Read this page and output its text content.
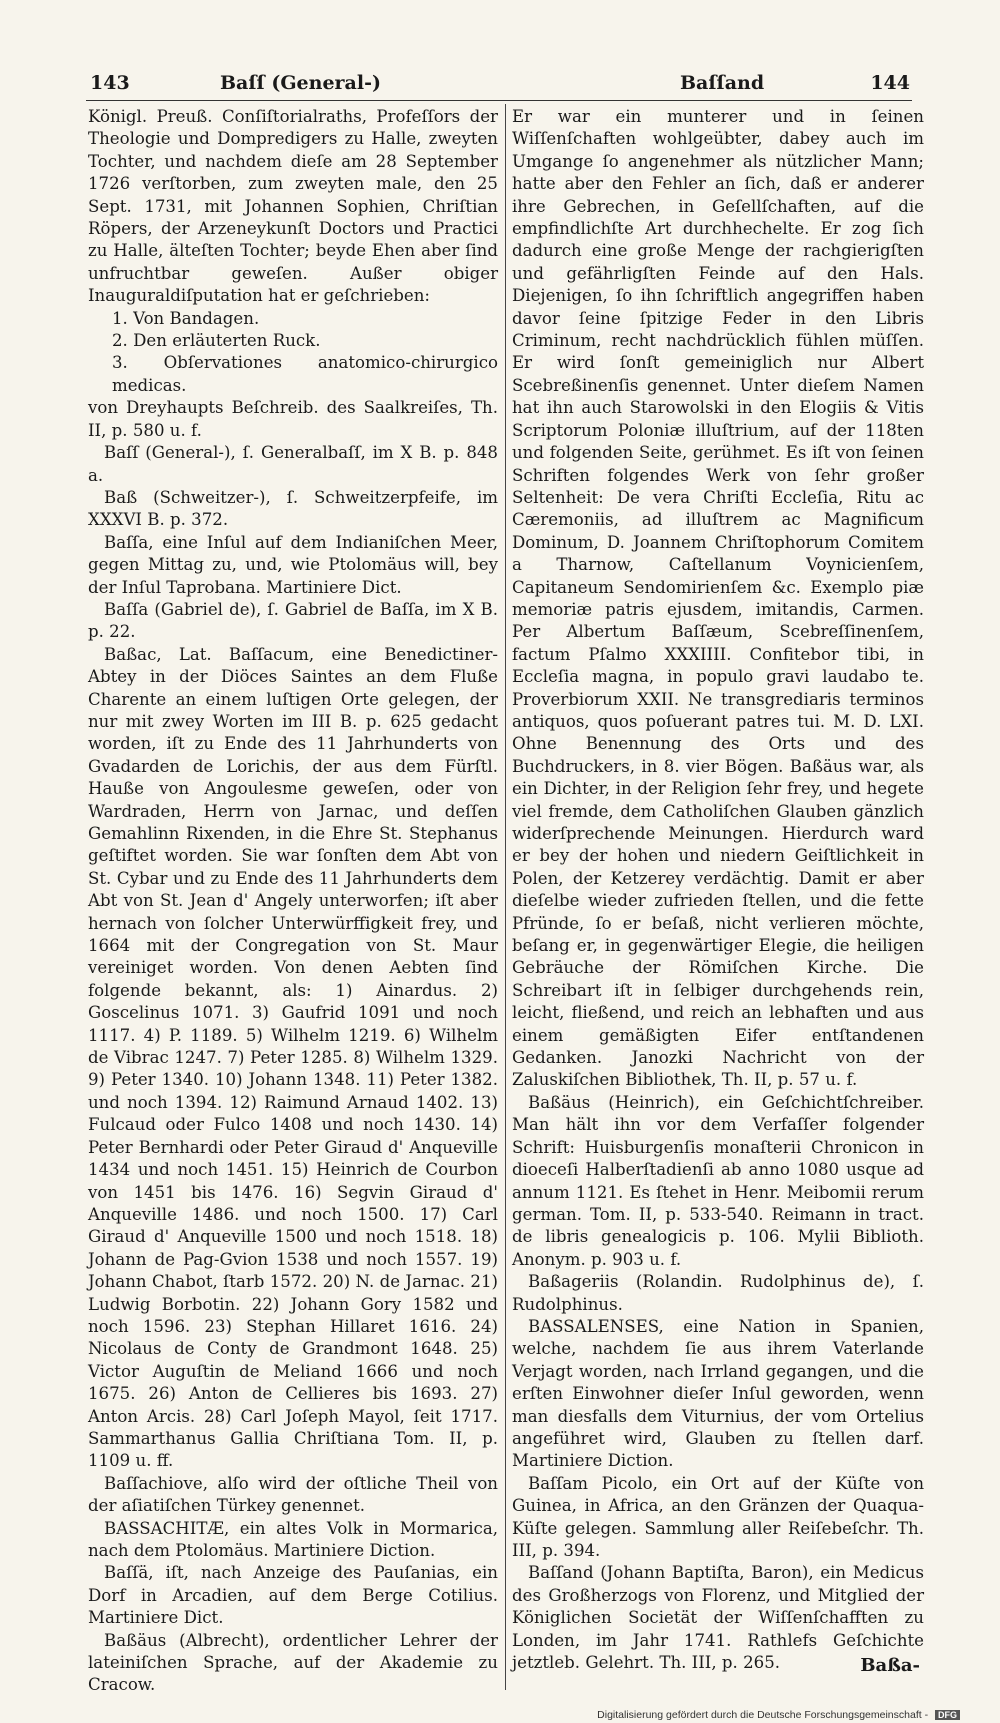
143	Baſſ (General-)	Baſſand	144

Königl. Preuß. Conſiſtorialraths, Profeſſors der Theologie und Dompredigers zu Halle, zweyten Tochter, und nachdem dieſe am 28 September 1726 verſtorben, zum zweyten male, den 25 Sept. 1731, mit Johannen Sophien, Chriſtian Röpers, der Arzeneykunſt Doctors und Practici zu Halle, älteſten Tochter; beyde Ehen aber ſind unfruchtbar geweſen. Außer obiger Inauguraldiſputation hat er geſchrieben:

1. Von Bandagen.

2. Den erläuterten Ruck.

3. Obſervationes anatomico-chirurgico medicas.

von Dreyhaupts Beſchreib. des Saalkreiſes, Th. II, p. 580 u. f.

Baſſ (General-), ſ. Generalbaſſ, im X B. p. 848 a.

Baß (Schweitzer-), ſ. Schweitzerpfeife, im XXXVI B. p. 372.

Baſſa, eine Inſul auf dem Indianiſchen Meer, gegen Mittag zu, und, wie Ptolomäus will, bey der Inſul Taprobana. Martiniere Dict.

Baſſa (Gabriel de), ſ. Gabriel de Baſſa, im X B. p. 22.

Baßac, Lat. Baſſacum, eine Benedictiner-Abtey in der Diöces Saintes an dem Fluße Charente an einem luſtigen Orte gelegen, der nur mit zwey Worten im III B. p. 625 gedacht worden, iſt zu Ende des 11 Jahrhunderts von Gvadarden de Lorichis, der aus dem Fürſtl. Hauße von Angoulesme geweſen, oder von Wardraden, Herrn von Jarnac, und deſſen Gemahlinn Rixenden, in die Ehre St. Stephanus geſtiftet worden. Sie war ſonſten dem Abt von St. Cybar und zu Ende des 11 Jahrhunderts dem Abt von St. Jean d' Angely unterworfen; iſt aber hernach von ſolcher Unterwürffigkeit frey, und 1664 mit der Congregation von St. Maur vereiniget worden. Von denen Aebten ſind folgende bekannt, als: 1) Ainardus. 2) Goscelinus 1071. 3) Gaufrid 1091 und noch 1117. 4) P. 1189. 5) Wilhelm 1219. 6) Wilhelm de Vibrac 1247. 7) Peter 1285. 8) Wilhelm 1329. 9) Peter 1340. 10) Johann 1348. 11) Peter 1382. und noch 1394. 12) Raimund Arnaud 1402. 13) Fulcaud oder Fulco 1408 und noch 1430. 14) Peter Bernhardi oder Peter Giraud d' Anqueville 1434 und noch 1451. 15) Heinrich de Courbon von 1451 bis 1476. 16) Segvin Giraud d' Anqueville 1486. und noch 1500. 17) Carl Giraud d' Anqueville 1500 und noch 1518. 18) Johann de Pag-Gvion 1538 und noch 1557. 19) Johann Chabot, ſtarb 1572. 20) N. de Jarnac. 21) Ludwig Borbotin. 22) Johann Gory 1582 und noch 1596. 23) Stephan Hillaret 1616. 24) Nicolaus de Conty de Grandmont 1648. 25) Victor Auguſtin de Meliand 1666 und noch 1675. 26) Anton de Cellieres bis 1693. 27) Anton Arcis. 28) Carl Joſeph Mayol, ſeit 1717. Sammarthanus Gallia Chriſtiana Tom. II, p. 1109 u. ff.

Baſſachiove, alſo wird der oſtliche Theil von der aſiatiſchen Türkey genennet.

BASSACHITÆ, ein altes Volk in Mormarica, nach dem Ptolomäus. Martiniere Diction.

Baſſä, iſt, nach Anzeige des Pauſanias, ein Dorf in Arcadien, auf dem Berge Cotilius. Martiniere Dict.

Baßäus (Albrecht), ordentlicher Lehrer der lateiniſchen Sprache, auf der Akademie zu Cracow.

Er war ein munterer und in ſeinen Wiſſenſchaften wohlgeübter, dabey auch im Umgange ſo angenehmer als nützlicher Mann; hatte aber den Fehler an ſich, daß er anderer ihre Gebrechen, in Geſellſchaften, auf die empfindlichſte Art durchhechelte. Er zog ſich dadurch eine große Menge der rachgierigſten und gefährligſten Feinde auf den Hals. Diejenigen, ſo ihn ſchriftlich angegriffen haben davor ſeine ſpitzige Feder in den Libris Criminum, recht nachdrücklich fühlen müſſen. Er wird ſonſt gemeiniglich nur Albert Scebreßinenſis genennet. Unter dieſem Namen hat ihn auch Starowolski in den Elogiis & Vitis Scriptorum Poloniæ illuſtrium, auf der 118ten und folgenden Seite, gerühmet. Es iſt von ſeinen Schriften folgendes Werk von ſehr großer Seltenheit: De vera Chriſti Eccleſia, Ritu ac Cæremoniis, ad illuſtrem ac Magnificum Dominum, D. Joannem Chriſtophorum Comitem a Tharnow, Caſtellanum Voynicienſem, Capitaneum Sendomirienſem &c. Exemplo piæ memoriæ patris ejusdem, imitandis, Carmen. Per Albertum Baſſæum, Scebreſſinenſem, factum Pſalmo XXXIIII. Confitebor tibi, in Eccleſia magna, in populo gravi laudabo te. Proverbiorum XXII. Ne transgrediaris terminos antiquos, quos poſuerant patres tui. M. D. LXI. Ohne Benennung des Orts und des Buchdruckers, in 8. vier Bögen. Baßäus war, als ein Dichter, in der Religion ſehr frey, und hegete viel fremde, dem Catholiſchen Glauben gänzlich widerſprechende Meinungen. Hierdurch ward er bey der hohen und niedern Geiſtlichkeit in Polen, der Ketzerey verdächtig. Damit er aber dieſelbe wieder zufrieden ſtellen, und die fette Pfründe, ſo er beſaß, nicht verlieren möchte, beſang er, in gegenwärtiger Elegie, die heiligen Gebräuche der Römiſchen Kirche. Die Schreibart iſt in ſelbiger durchgehends rein, leicht, fließend, und reich an lebhaften und aus einem gemäßigten Eifer entſtandenen Gedanken. Janozki Nachricht von der Zaluskiſchen Bibliothek, Th. II, p. 57 u. f.

Baßäus (Heinrich), ein Geſchichtſchreiber. Man hält ihn vor dem Verfaſſer folgender Schrift: Huisburgenſis monaſterii Chronicon in dioeceſi Halberſtadienſi ab anno 1080 usque ad annum 1121. Es ſtehet in Henr. Meibomii rerum german. Tom. II, p. 533-540. Reimann in tract. de libris genealogicis p. 106. Mylii Biblioth. Anonym. p. 903 u. f.

Baßageriis (Rolandin. Rudolphinus de), ſ. Rudolphinus.

BASSALENSES, eine Nation in Spanien, welche, nachdem ſie aus ihrem Vaterlande Verjagt worden, nach Irrland gegangen, und die erſten Einwohner dieſer Inſul geworden, wenn man diesfalls dem Viturnius, der vom Ortelius angeführet wird, Glauben zu ſtellen darf. Martiniere Diction.

Baſſam Picolo, ein Ort auf der Küſte von Guinea, in Africa, an den Gränzen der Quaqua-Küſte gelegen. Sammlung aller Reiſebeſchr. Th. III, p. 394.

Baſſand (Johann Baptiſta, Baron), ein Medicus des Großherzogs von Florenz, und Mitglied der Königlichen Societät der Wiſſenſchafften zu Londen, im Jahr 1741. Rathlefs Geſchichte jetztleb. Gelehrt. Th. III, p. 265.	Baßa-
Digitalisierung gefördert durch die Deutsche Forschungsgemeinschaft - DFG
